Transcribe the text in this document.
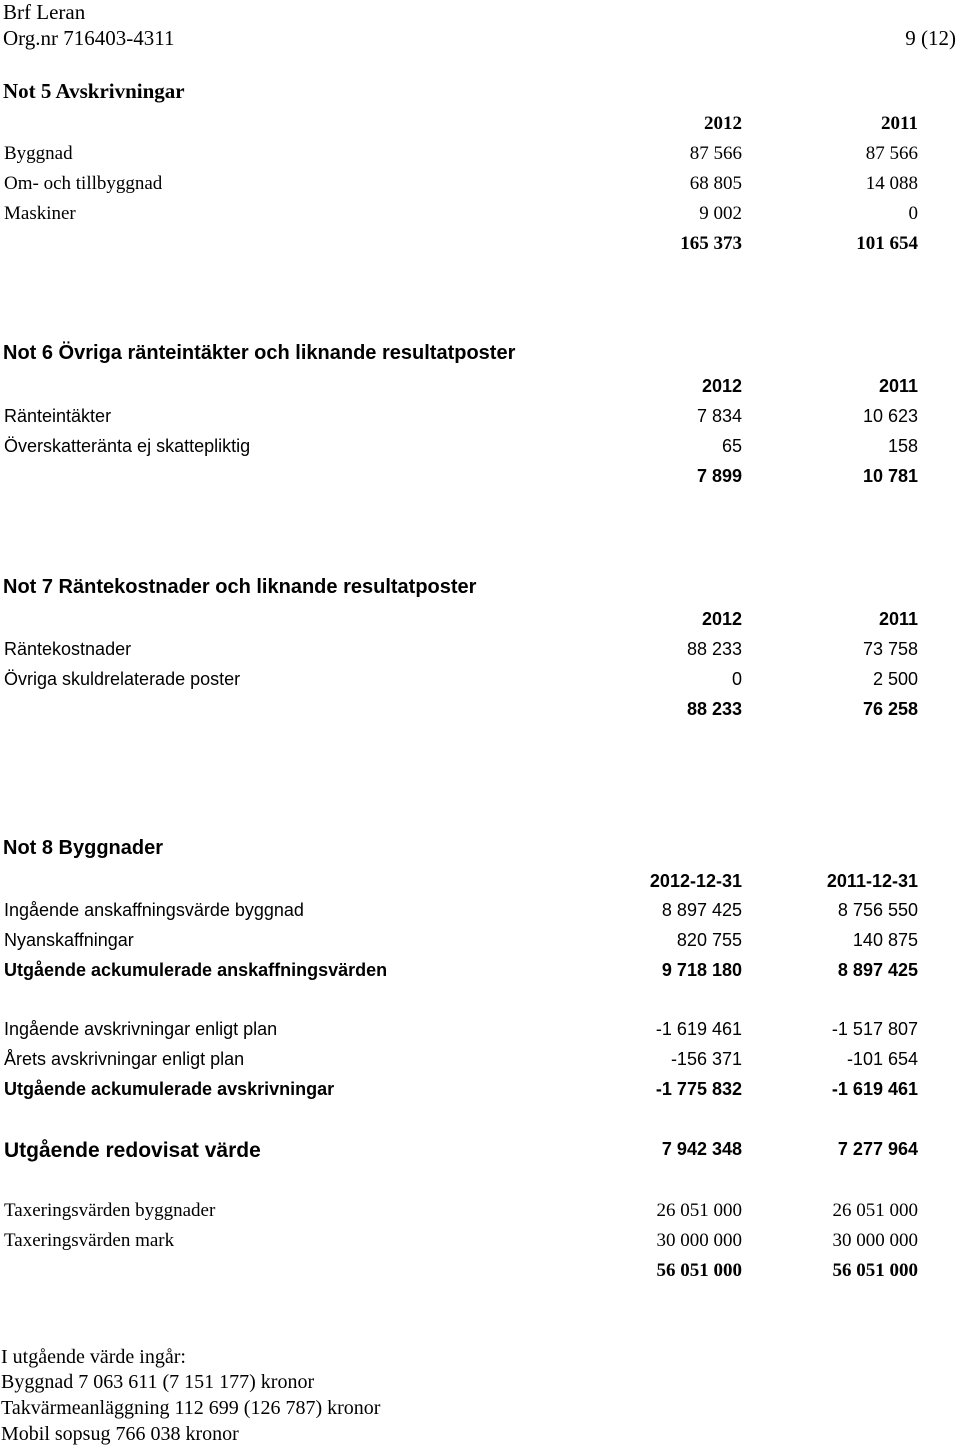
Brf Leran
Org.nr 716403-4311	9 (12)
Not 5 Avskrivningar
2012	2011
Byggnad	87 566	87 566
Om- och tillbyggnad	68 805	14 088
Maskiner	9 002	0
165 373	101 654
Not 6 Övriga ränteintäkter och liknande resultatposter
2012	2011
Ränteintäkter	7 834	10 623
Överskatteränta ej skattepliktig	65	158
7 899	10 781
Not 7 Räntekostnader och liknande resultatposter
2012	2011
Räntekostnader	88 233	73 758
Övriga skuldrelaterade poster	0	2 500
88 233	76 258
Not 8 Byggnader
2012-12-31	2011-12-31
Ingående anskaffningsvärde byggnad	8 897 425	8 756 550
Nyanskaffningar	820 755	140 875
Utgående ackumulerade anskaffningsvärden	9 718 180	8 897 425
Ingående avskrivningar enligt plan	-1 619 461	-1 517 807
Årets avskrivningar enligt plan	-156 371	-101 654
Utgående ackumulerade avskrivningar	-1 775 832	-1 619 461
Utgående redovisat värde	7 942 348	7 277 964
Taxeringsvärden byggnader	26 051 000	26 051 000
Taxeringsvärden mark	30 000 000	30 000 000
56 051 000	56 051 000
I utgående värde ingår:
Byggnad 7 063 611 (7 151 177) kronor
Takvärmeanläggning 112 699 (126 787) kronor
Mobil sopsug 766 038 kronor
